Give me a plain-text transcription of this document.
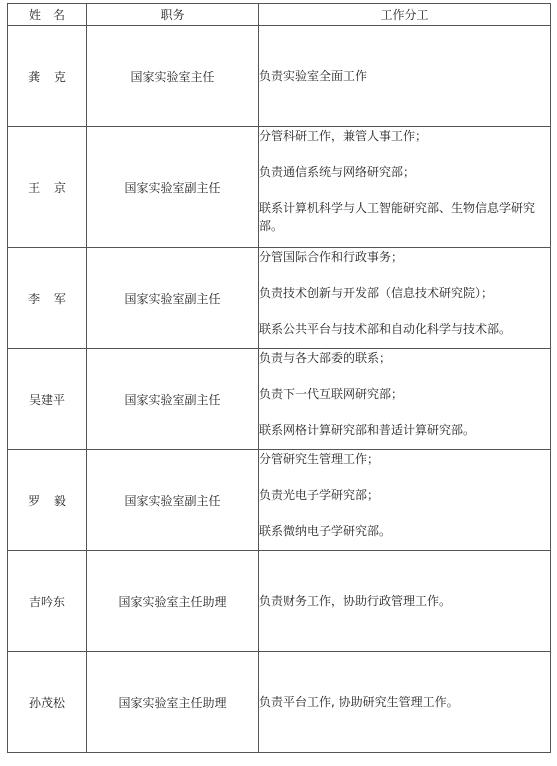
姓名	职务	工作分工
龚 克	国家实验室主任	负责实验室全面工作

王 京	国家实验室副主任	分管科研工作，兼管人事工作；
负责通信系统与网络研究部；
联系计算机科学与人工智能研究部、生物信息学研究部。

李 军	国家实验室副主任	分管国际合作和行政事务；
负责技术创新与开发部（信息技术研究院）；
联系公共平台与技术部和自动化科学与技术部。

吴建平	国家实验室副主任	负责与各大部委的联系；
负责下一代互联网研究部；
联系网格计算研究部和普适计算研究部。

罗 毅	国家实验室副主任	分管研究生管理工作；
负责光电子学研究部；
联系微纳电子学研究部。

吉吟东	国家实验室主任助理	负责财务工作，协助行政管理工作。

孙茂松	国家实验室主任助理	负责平台工作, 协助研究生管理工作。
